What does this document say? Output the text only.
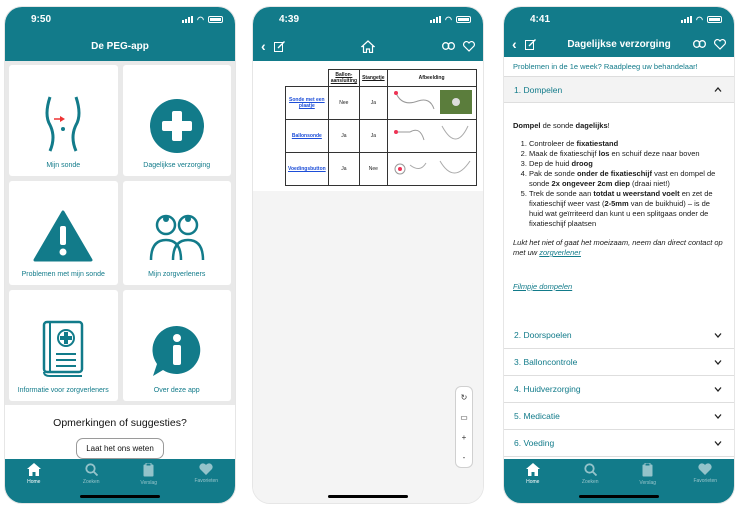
9:50	◠
De PEG-app
Mijn sonde	Dagelijkse verzorging
Problemen met mijn sonde	Mijn zorgverleners
Informatie voor zorgverleners	Over deze app
Opmerkingen of suggesties?
Laat het ons weten
Home	Zoeken	Verslag	Favorieten
4:39	◠
‹
	Ballon-aansluiting	Stangetje	Afbeelding
Sonde met een plaatje	Nee	Ja	
Ballonsonde	Ja	Ja	
Voedingsbutton	Ja	Nee	
↻
▭
+
-
4:41	◠
‹	Dagelijkse verzorging
Problemen in de 1e week? Raadpleeg uw behandelaar!
1. Dompelen
Dompel de sonde dagelijks!
1. Controleer de fixatiestand
2. Maak de fixatieschijf los en schuif deze naar boven
3. Dep de huid droog
4. Pak de sonde onder de fixatieschijf vast en dompel de sonde 2x ongeveer 2cm diep (draai niet!)
5. Trek de sonde aan totdat u weerstand voelt en zet de fixatieschijf weer vast (2-5mm van de buikhuid) – is de huid wat geïrriteerd dan kunt u een splitgaas onder de fixatieschijf plaatsen
Lukt het niet of gaat het moeizaam, neem dan direct contact op met uw zorgverlener
Filmpje dompelen
2. Doorspoelen
3. Balloncontrole
4. Huidverzorging
5. Medicatie
6. Voeding
Home	Zoeken	Verslag	Favorieten
